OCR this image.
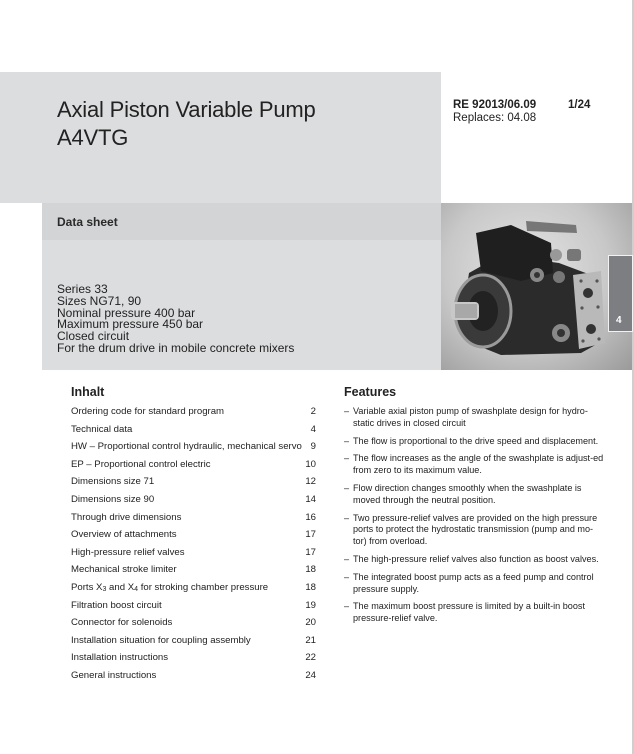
Axial Piston Variable Pump
A4VTG
RE 92013/06.09	1/24
Replaces: 04.08
Data sheet
Series 33
Sizes NG71, 90
Nominal pressure 400 bar
Maximum pressure 450 bar
Closed circuit
For the drum drive in mobile concrete mixers
4
Inhalt
Ordering code for standard program	2
Technical data	4
HW – Proportional control hydraulic, mechanical servo 9
EP – Proportional control electric	10
Dimensions size 71	12
Dimensions size 90	14
Through drive dimensions	16
Overview of attachments	17
High-pressure relief valves	17
Mechanical stroke limiter	18
Ports $X_3$ and $X_4$ for stroking chamber pressure	18
Filtration boost circuit	19
Connector for solenoids	20
Installation situation for coupling assembly	21
Installation instructions	22
General instructions	24
Features
– Variable axial piston pump of swashplate design for hydro-static drives in closed circuit
– The flow is proportional to the drive speed and displacement.
– The flow increases as the angle of the swashplate is adjust-ed from zero to its maximum value.
– Flow direction changes smoothly when the swashplate is moved through the neutral position.
– Two pressure-relief valves are provided on the high pressure ports to protect the hydrostatic transmission (pump and mo-tor) from overload.
– The high-pressure relief valves also function as boost valves.
– The integrated boost pump acts as a feed pump and control pressure supply.
– The maximum boost pressure is limited by a built-in boost pressure-relief valve.
